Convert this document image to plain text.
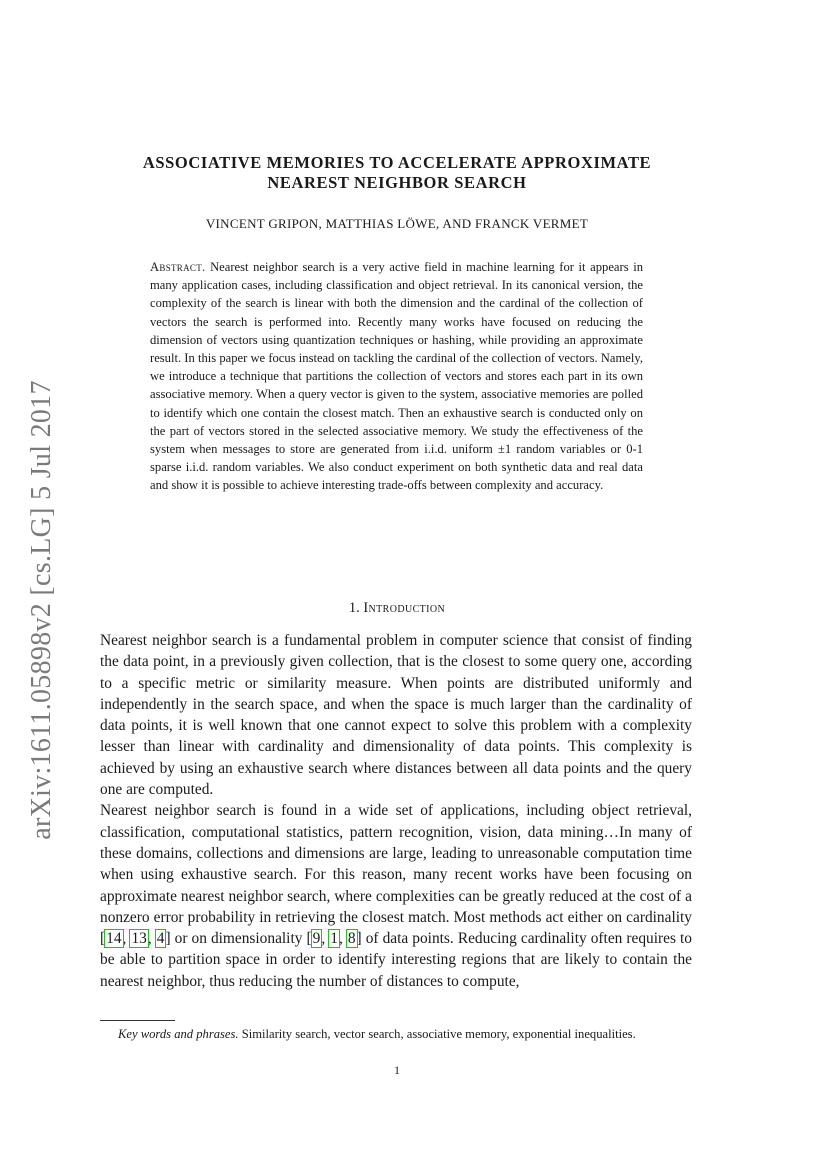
arXiv:1611.05898v2 [cs.LG] 5 Jul 2017
ASSOCIATIVE MEMORIES TO ACCELERATE APPROXIMATE
NEAREST NEIGHBOR SEARCH
VINCENT GRIPON, MATTHIAS LÖWE, AND FRANCK VERMET
Abstract. Nearest neighbor search is a very active field in machine learning for it appears in many application cases, including classification and object retrieval. In its canonical version, the complexity of the search is linear with both the dimension and the cardinal of the collection of vectors the search is performed into. Recently many works have focused on reducing the dimension of vectors using quantization techniques or hashing, while providing an approximate result. In this paper we focus instead on tackling the cardinal of the collection of vectors. Namely, we introduce a technique that partitions the collection of vectors and stores each part in its own associative memory. When a query vector is given to the system, associative memories are polled to identify which one contain the closest match. Then an exhaustive search is conducted only on the part of vectors stored in the selected associative memory. We study the effectiveness of the system when messages to store are generated from i.i.d. uniform ±1 random variables or 0-1 sparse i.i.d. random variables. We also conduct experiment on both synthetic data and real data and show it is possible to achieve interesting trade-offs between complexity and accuracy.
1. Introduction

Nearest neighbor search is a fundamental problem in computer science that consist of finding the data point, in a previously given collection, that is the closest to some query one, according to a specific metric or similarity measure. When points are distributed uniformly and independently in the search space, and when the space is much larger than the cardinality of data points, it is well known that one cannot expect to solve this problem with a complexity lesser than linear with cardinality and dimensionality of data points. This complexity is achieved by using an exhaustive search where distances between all data points and the query one are computed.

Nearest neighbor search is found in a wide set of applications, including object retrieval, classification, computational statistics, pattern recognition, vision, data mining…In many of these domains, collections and dimensions are large, leading to unreasonable computation time when using exhaustive search. For this reason, many recent works have been focusing on approximate nearest neighbor search, where complexities can be greatly reduced at the cost of a nonzero error probability in retrieving the closest match. Most methods act either on cardinality [14, 13, 4] or on dimensionality [9, 1, 8] of data points. Reducing cardinality often requires to be able to partition space in order to identify interesting regions that are likely to contain the nearest neighbor, thus reducing the number of distances to compute,

Key words and phrases. Similarity search, vector search, associative memory, exponential inequalities.
1
